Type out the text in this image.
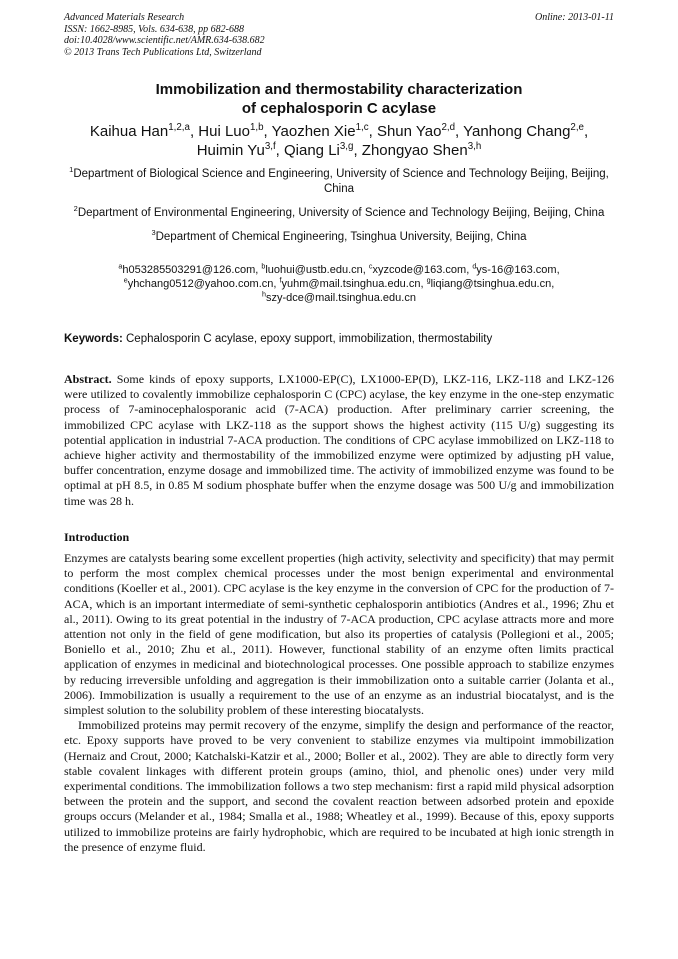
Advanced Materials Research
ISSN: 1662-8985, Vols. 634-638, pp 682-688
doi:10.4028/www.scientific.net/AMR.634-638.682
© 2013 Trans Tech Publications Ltd, Switzerland
Online: 2013-01-11
Immobilization and thermostability characterization
of cephalosporin C acylase
Kaihua Han$^{1,2,a}$, Hui Luo$^{1,b}$, Yaozhen Xie$^{1,c}$, Shun Yao$^{2,d}$, Yanhong Chang$^{2,e}$,
Huimin Yu$^{3,f}$, Qiang Li$^{3,g}$, Zhongyao Shen$^{3,h}$
$^1$Department of Biological Science and Engineering, University of Science and Technology Beijing, Beijing, China
$^2$Department of Environmental Engineering, University of Science and Technology Beijing, Beijing, China
$^3$Department of Chemical Engineering, Tsinghua University, Beijing, China
$^a$h053285503291@126.com, $^b$luohui@ustb.edu.cn, $^c$xyzcode@163.com, $^d$ys-16@163.com,
$^e$yhchang0512@yahoo.com.cn, $^f$yuhm@mail.tsinghua.edu.cn, $^g$liqiang@tsinghua.edu.cn,
$^h$szy-dce@mail.tsinghua.edu.cn
Keywords: Cephalosporin C acylase, epoxy support, immobilization, thermostability

Abstract. Some kinds of epoxy supports, LX1000-EP(C), LX1000-EP(D), LKZ-116, LKZ-118 and LKZ-126 were utilized to covalently immobilize cephalosporin C (CPC) acylase, the key enzyme in the one-step enzymatic process of 7-aminocephalosporanic acid (7-ACA) production. After preliminary carrier screening, the immobilized CPC acylase with LKZ-118 as the support shows the highest activity (115 U/g) suggesting its potential application in industrial 7-ACA production. The conditions of CPC acylase immobilized on LKZ-118 to achieve higher activity and thermostability of the immobilized enzyme were optimized by adjusting pH value, buffer concentration, enzyme dosage and immobilized time. The activity of immobilized enzyme was found to be optimal at pH 8.5, in 0.85 M sodium phosphate buffer when the enzyme dosage was 500 U/g and immobilization time was 28 h.

Introduction

Enzymes are catalysts bearing some excellent properties (high activity, selectivity and specificity) that may permit to perform the most complex chemical processes under the most benign experimental and environmental conditions (Koeller et al., 2001). CPC acylase is the key enzyme in the conversion of CPC for the production of 7-ACA, which is an important intermediate of semi-synthetic cephalosporin antibiotics (Andres et al., 1996; Zhu et al., 2011). Owing to its great potential in the industry of 7-ACA production, CPC acylase attracts more and more attention not only in the field of gene modification, but also its properties of catalysis (Pollegioni et al., 2005; Boniello et al., 2010; Zhu et al., 2011). However, functional stability of an enzyme often limits practical application of enzymes in medicinal and biotechnological processes. One possible approach to stabilize enzymes by reducing irreversible unfolding and aggregation is their immobilization onto a suitable carrier (Jolanta et al., 2006). Immobilization is usually a requirement to the use of an enzyme as an industrial biocatalyst, and is the simplest solution to the solubility problem of these interesting biocatalysts.

Immobilized proteins may permit recovery of the enzyme, simplify the design and performance of the reactor, etc. Epoxy supports have proved to be very convenient to stabilize enzymes via multipoint immobilization (Hernaiz and Crout, 2000; Katchalski-Katzir et al., 2000; Boller et al., 2002). They are able to directly form very stable covalent linkages with different protein groups (amino, thiol, and phenolic ones) under very mild experimental conditions. The immobilization follows a two step mechanism: first a rapid mild physical adsorption between the protein and the support, and second the covalent reaction between adsorbed protein and epoxide groups occurs (Melander et al., 1984; Smalla et al., 1988; Wheatley et al., 1999). Because of this, epoxy supports utilized to immobilize proteins are fairly hydrophobic, which are required to be incubated at high ionic strength in the presence of enzyme fluid.
